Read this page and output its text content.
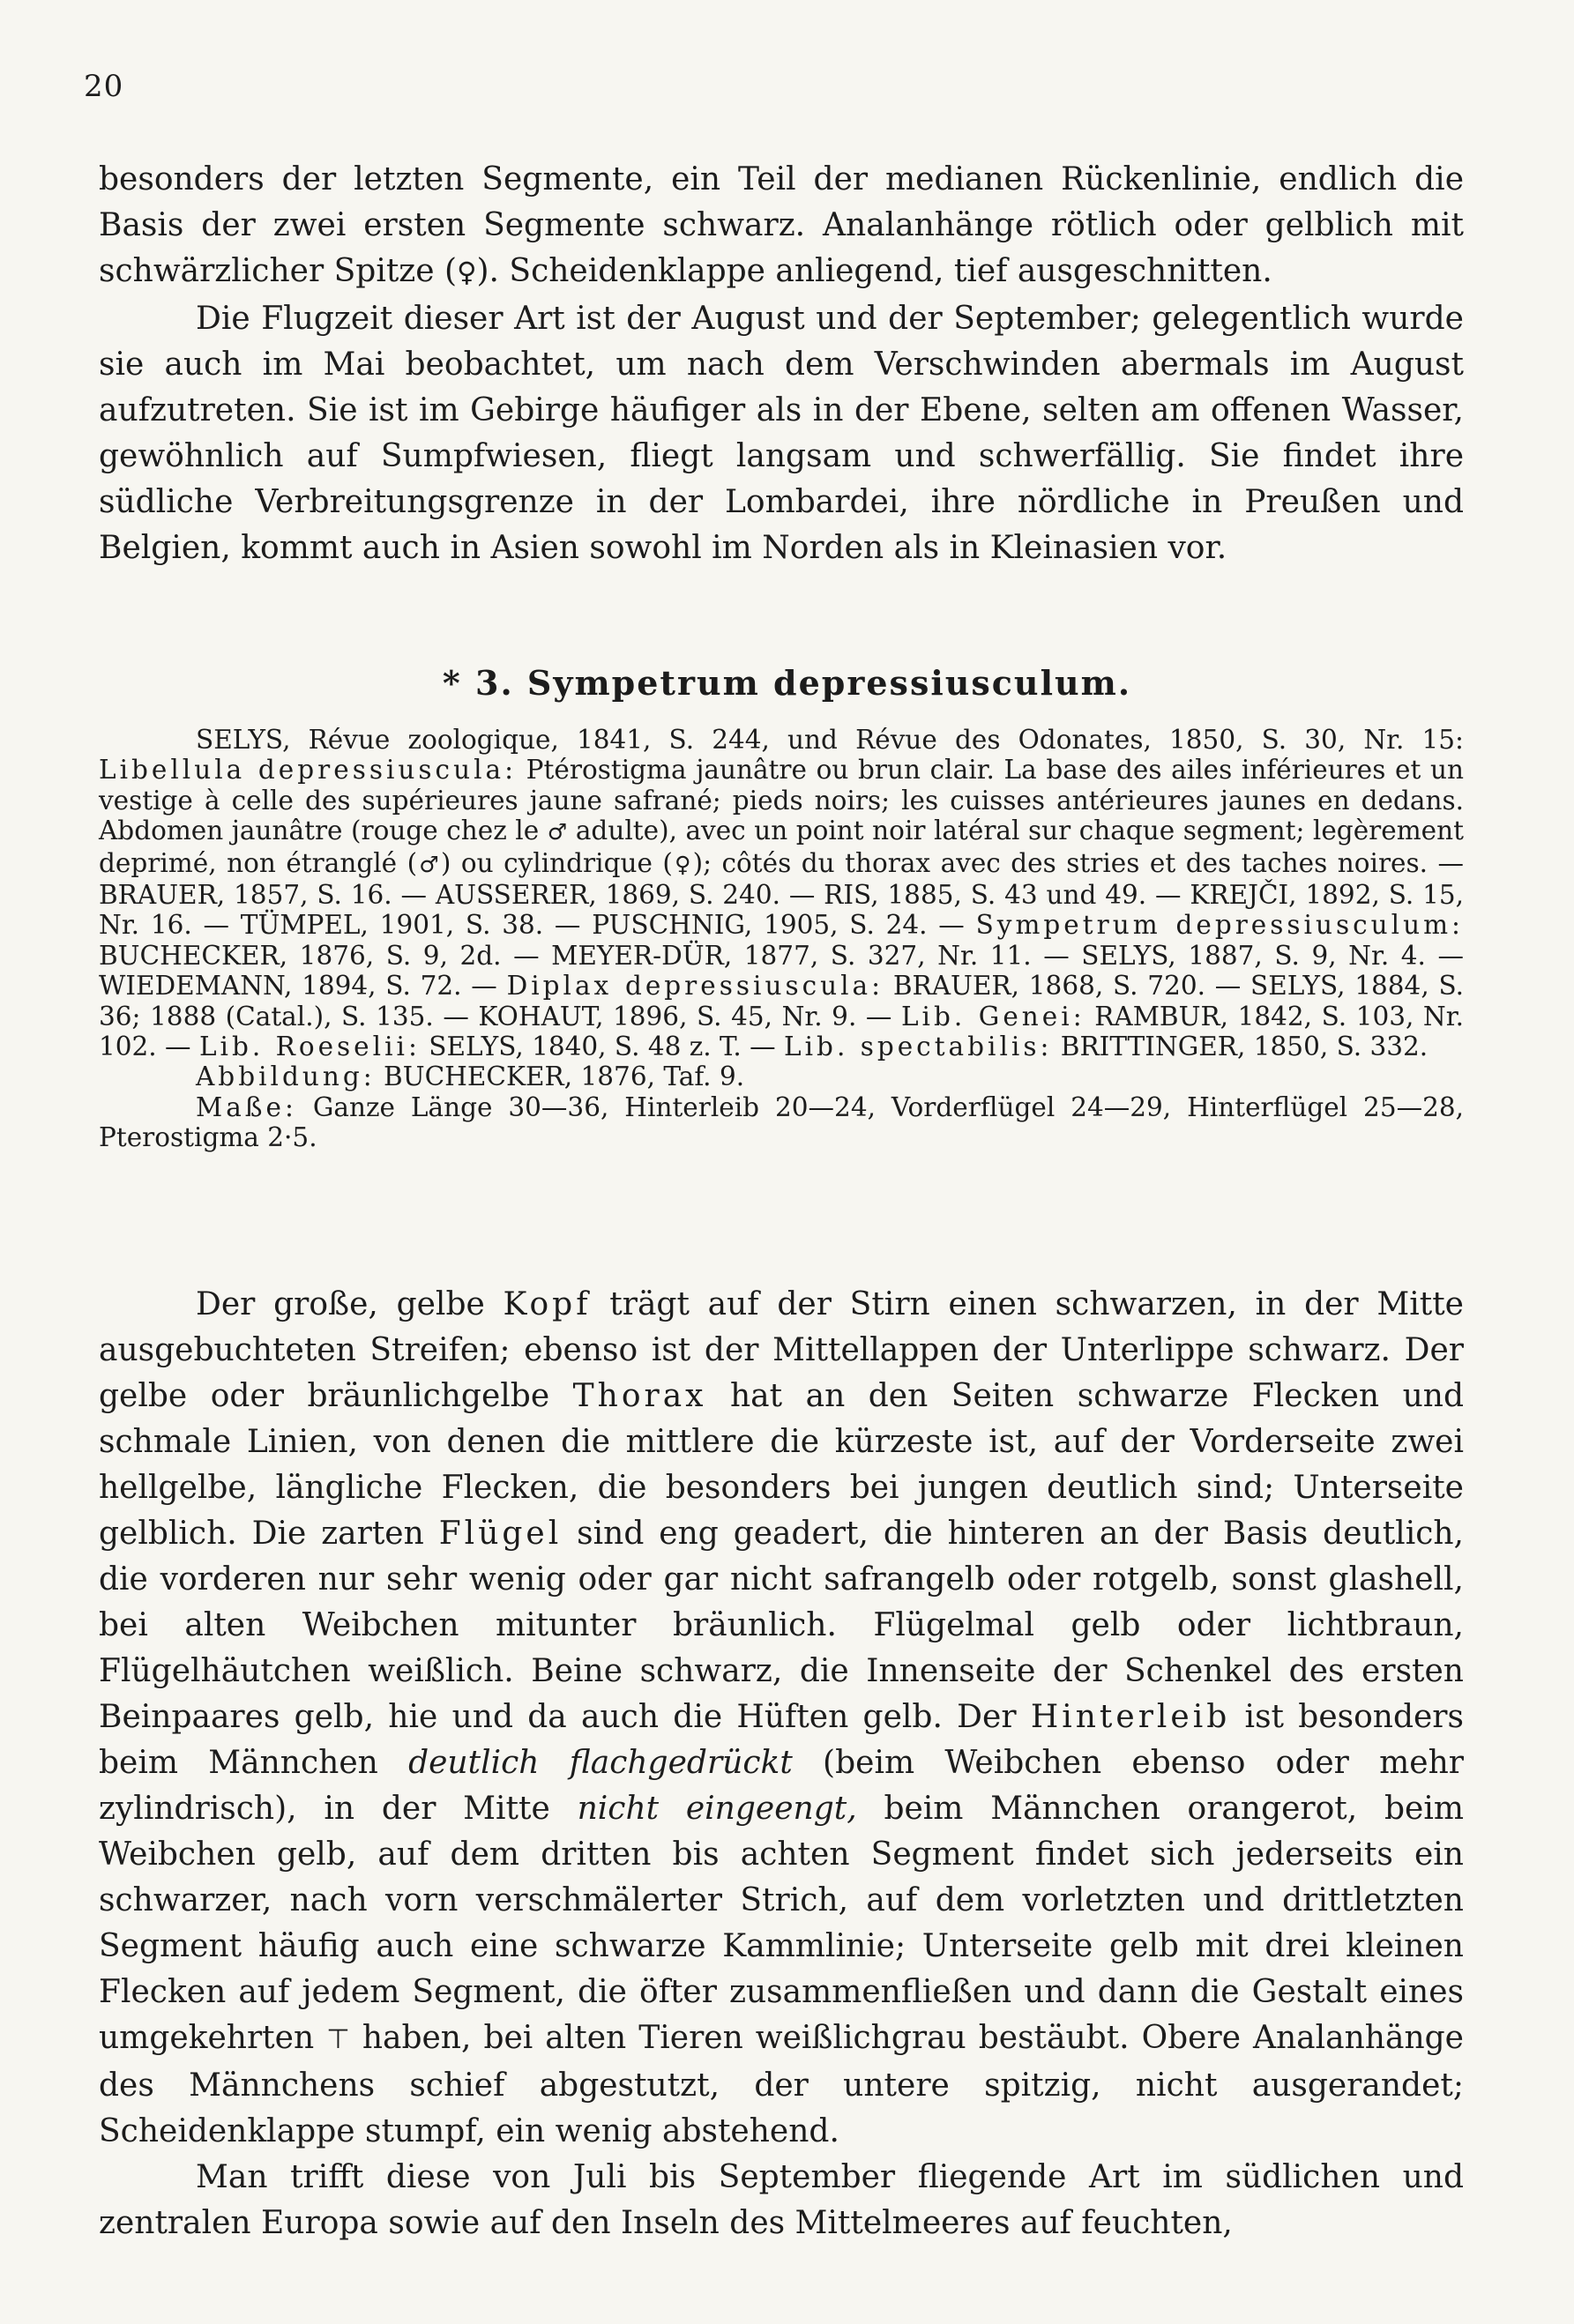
20

besonders der letzten Segmente, ein Teil der medianen Rückenlinie, endlich die Basis der zwei ersten Segmente schwarz. Analanhänge rötlich oder gelblich mit schwärzlicher Spitze (♀). Scheidenklappe anliegend, tief ausgeschnitten.

Die Flugzeit dieser Art ist der August und der September; gelegentlich wurde sie auch im Mai beobachtet, um nach dem Verschwinden abermals im August aufzutreten. Sie ist im Gebirge häufiger als in der Ebene, selten am offenen Wasser, gewöhnlich auf Sumpfwiesen, fliegt langsam und schwerfällig. Sie findet ihre südliche Verbreitungsgrenze in der Lombardei, ihre nördliche in Preußen und Belgien, kommt auch in Asien sowohl im Norden als in Kleinasien vor.

* 3. Sympetrum depressiusculum.

SELYS, Révue zoologique, 1841, S. 244, und Révue des Odonates, 1850, S. 30, Nr. 15: Libellula depressiuscula: Ptérostigma jaunâtre ou brun clair. La base des ailes inférieures et un vestige à celle des supérieures jaune safrané; pieds noirs; les cuisses antérieures jaunes en dedans. Abdomen jaunâtre (rouge chez le ♂ adulte), avec un point noir latéral sur chaque segment; legèrement deprimé, non étranglé (♂) ou cylindrique (♀); côtés du thorax avec des stries et des taches noires. — BRAUER, 1857, S. 16. — AUSSERER, 1869, S. 240. — RIS, 1885, S. 43 und 49. — KREJČI, 1892, S. 15, Nr. 16. — TÜMPEL, 1901, S. 38. — PUSCHNIG, 1905, S. 24. — Sympetrum depressiusculum: BUCHECKER, 1876, S. 9, 2d. — MEYER-DÜR, 1877, S. 327, Nr. 11. — SELYS, 1887, S. 9, Nr. 4. — WIEDEMANN, 1894, S. 72. — Diplax depressiuscula: BRAUER, 1868, S. 720. — SELYS, 1884, S. 36; 1888 (Catal.), S. 135. — KOHAUT, 1896, S. 45, Nr. 9. — Lib. Genei: RAMBUR, 1842, S. 103, Nr. 102. — Lib. Roeselii: SELYS, 1840, S. 48 z. T. — Lib. spectabilis: BRITTINGER, 1850, S. 332.

Abbildung: BUCHECKER, 1876, Taf. 9.

Maße: Ganze Länge 30—36, Hinterleib 20—24, Vorderflügel 24—29, Hinterflügel 25—28, Pterostigma 2·5.

Der große, gelbe Kopf trägt auf der Stirn einen schwarzen, in der Mitte ausgebuchteten Streifen; ebenso ist der Mittellappen der Unterlippe schwarz. Der gelbe oder bräunlichgelbe Thorax hat an den Seiten schwarze Flecken und schmale Linien, von denen die mittlere die kürzeste ist, auf der Vorderseite zwei hellgelbe, längliche Flecken, die besonders bei jungen deutlich sind; Unterseite gelblich. Die zarten Flügel sind eng geadert, die hinteren an der Basis deutlich, die vorderen nur sehr wenig oder gar nicht safrangelb oder rotgelb, sonst glashell, bei alten Weibchen mitunter bräunlich. Flügelmal gelb oder lichtbraun, Flügelhäutchen weißlich. Beine schwarz, die Innenseite der Schenkel des ersten Beinpaares gelb, hie und da auch die Hüften gelb. Der Hinterleib ist besonders beim Männchen deutlich flachgedrückt (beim Weibchen ebenso oder mehr zylindrisch), in der Mitte nicht eingeengt, beim Männchen orangerot, beim Weibchen gelb, auf dem dritten bis achten Segment findet sich jederseits ein schwarzer, nach vorn verschmälerter Strich, auf dem vorletzten und drittletzten Segment häufig auch eine schwarze Kammlinie; Unterseite gelb mit drei kleinen Flecken auf jedem Segment, die öfter zusammenfließen und dann die Gestalt eines umgekehrten ⊤ haben, bei alten Tieren weißlichgrau bestäubt. Obere Analanhänge des Männchens schief abgestutzt, der untere spitzig, nicht ausgerandet; Scheidenklappe stumpf, ein wenig abstehend.

Man trifft diese von Juli bis September fliegende Art im südlichen und zentralen Europa sowie auf den Inseln des Mittelmeeres auf feuchten,
